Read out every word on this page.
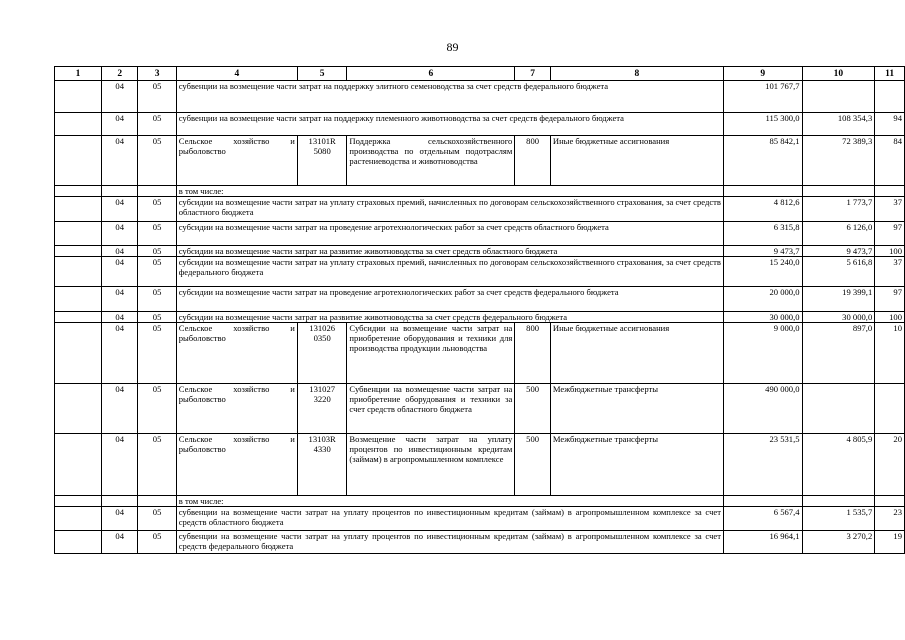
89
1	2	3	4	5	6	7	8	9	10	11
	04	05	субвенции на возмещение части затрат на поддержку элитного семеноводства за счет средств федерального бюджета					101 767,7		
	04	05	субвенции на возмещение части затрат на поддержку племенного животноводства за счет средств федерального бюджета					115 300,0	108 354,3	94
	04	05	Сельское хозяйство и рыболовство	13101R 5080	Поддержка сельскохозяйственного производства по отдельным подотраслям растениеводства и животноводства	800	Иные бюджетные ассигнования	85 842,1	72 389,3	84
			в том числе:							
	04	05	субсидии на возмещение части затрат на уплату страховых премий, начисленных по договорам сельскохозяйственного страхования, за счет средств областного бюджета					4 812,6	1 773,7	37
	04	05	субсидии на возмещение части затрат на проведение агротехнологических работ за счет средств областного бюджета					6 315,8	6 126,0	97
	04	05	субсидии на возмещение части затрат на развитие животноводства за счет средств областного бюджета					9 473,7	9 473,7	100
	04	05	субсидии на возмещение части затрат на уплату страховых премий, начисленных по договорам сельскохозяйственного страхования, за счет средств федерального бюджета					15 240,0	5 616,8	37
	04	05	субсидии на возмещение части затрат на проведение агротехнологических работ за счет средств федерального бюджета					20 000,0	19 399,1	97
	04	05	субсидии на возмещение части затрат на развитие животноводства за счет средств федерального бюджета					30 000,0	30 000,0	100
	04	05	Сельское хозяйство и рыболовство	131026 0350	Субсидии на возмещение части затрат на приобретение оборудования и техники для производства продукции льноводства	800	Иные бюджетные ассигнования	9 000,0	897,0	10
	04	05	Сельское хозяйство и рыболовство	131027 3220	Субвенции на возмещение части затрат на приобретение оборудования и техники за счет средств областного бюджета	500	Межбюджетные трансферты	490 000,0		
	04	05	Сельское хозяйство и рыболовство	13103R 4330	Возмещение части затрат на уплату процентов по инвестиционным кредитам (займам) в агропромышленном комплексе	500	Межбюджетные трансферты	23 531,5	4 805,9	20
			в том числе:							
	04	05	субвенции на возмещение части затрат на уплату процентов по инвестиционным кредитам (займам) в агропромышленном комплексе за счет средств областного бюджета					6 567,4	1 535,7	23
	04	05	субвенции на возмещение части затрат на уплату процентов по инвестиционным кредитам (займам) в агропромышленном комплексе за счет средств федерального бюджета					16 964,1	3 270,2	19
